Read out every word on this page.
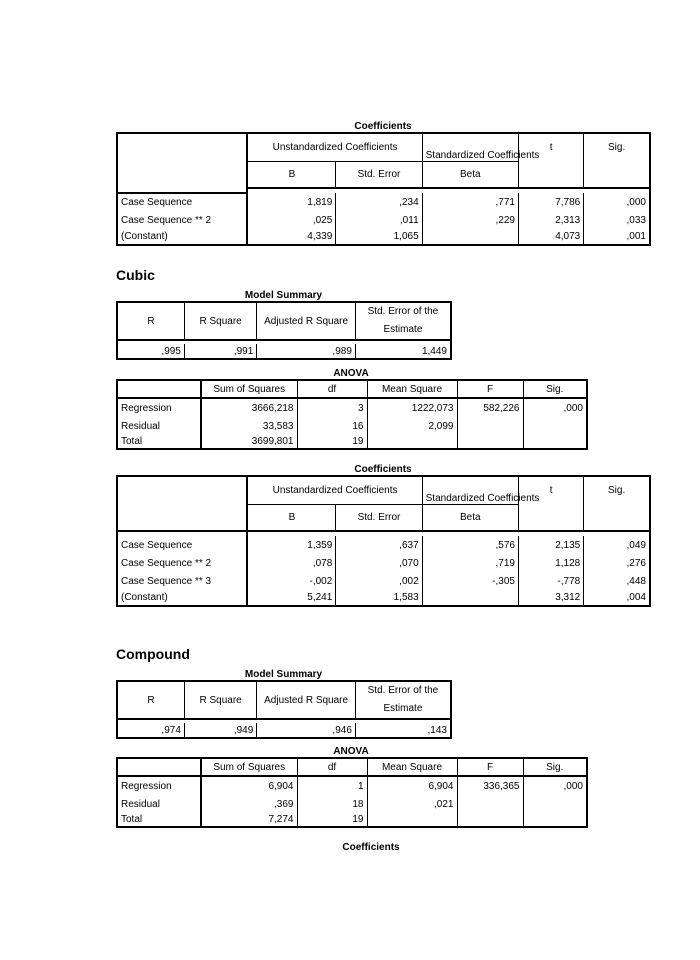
Coefficients
	Unstandardized Coefficients		Standardized Coefficients	t	Sig.
	B	Std. Error	Beta		

Case Sequence	1,819	,234	,771	7,786	,000
Case Sequence ** 2	,025	,011	,229	2,313	,033
(Constant)	4,339	1,065		4,073	,001
Cubic
Model Summary
R	R Square	Adjusted R Square	Std. Error of the Estimate

,995	,991	,989	1,449
ANOVA
	Sum of Squares	df	Mean Square	F	Sig.
Regression	3666,218	3	1222,073	582,226	,000
Residual	33,583	16	2,099		
Total	3699,801	19			
Coefficients
	Unstandardized Coefficients		Standardized Coefficients	t	Sig.
	B	Std. Error	Beta		

Case Sequence	1,359	,637	,576	2,135	,049
Case Sequence ** 2	,078	,070	,719	1,128	,276
Case Sequence ** 3	-,002	,002	-,305	-,778	,448
(Constant)	5,241	1,583		3,312	,004
Compound
Model Summary
R	R Square	Adjusted R Square	Std. Error of the Estimate

,974	,949	,946	,143
ANOVA
	Sum of Squares	df	Mean Square	F	Sig.
Regression	6,904	1	6,904	336,365	,000
Residual	,369	18	,021		
Total	7,274	19			
Coefficients
